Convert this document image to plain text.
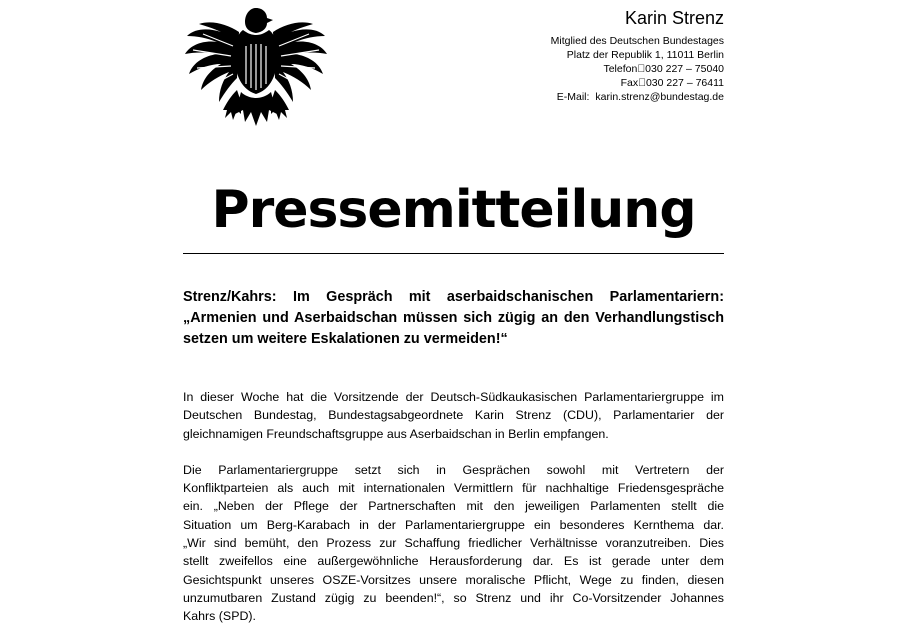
Karin Strenz
Mitglied des Deutschen Bundestages
Platz der Republik 1, 11011 Berlin
Telefon 030 227 – 75040
Fax 030 227 – 76411
E-Mail: karin.strenz@bundestag.de
Pressemitteilung
Strenz/Kahrs: Im Gespräch mit aserbaidschanischen Parlamentariern:
„Armenien und Aserbaidschan müssen sich zügig an den Verhandlungstisch
setzen um weitere Eskalationen zu vermeiden!“
In dieser Woche hat die Vorsitzende der Deutsch-Südkaukasischen Parlamentariergruppe im
Deutschen Bundestag, Bundestagsabgeordnete Karin Strenz (CDU), Parlamentarier der
gleichnamigen Freundschaftsgruppe aus Aserbaidschan in Berlin empfangen.
Die Parlamentariergruppe setzt sich in Gesprächen sowohl mit Vertretern der
Konfliktparteien als auch mit internationalen Vermittlern für nachhaltige Friedensgespräche
ein. „Neben der Pflege der Partnerschaften mit den jeweiligen Parlamenten stellt die
Situation um Berg-Karabach in der Parlamentariergruppe ein besonderes Kernthema dar.
„Wir sind bemüht, den Prozess zur Schaffung friedlicher Verhältnisse voranzutreiben. Dies
stellt zweifellos eine außergewöhnliche Herausforderung dar. Es ist gerade unter dem
Gesichtspunkt unseres OSZE-Vorsitzes unsere moralische Pflicht, Wege zu finden, diesen
unzumutbaren Zustand zügig zu beenden!“, so Strenz und ihr Co-Vorsitzender Johannes
Kahrs (SPD).
